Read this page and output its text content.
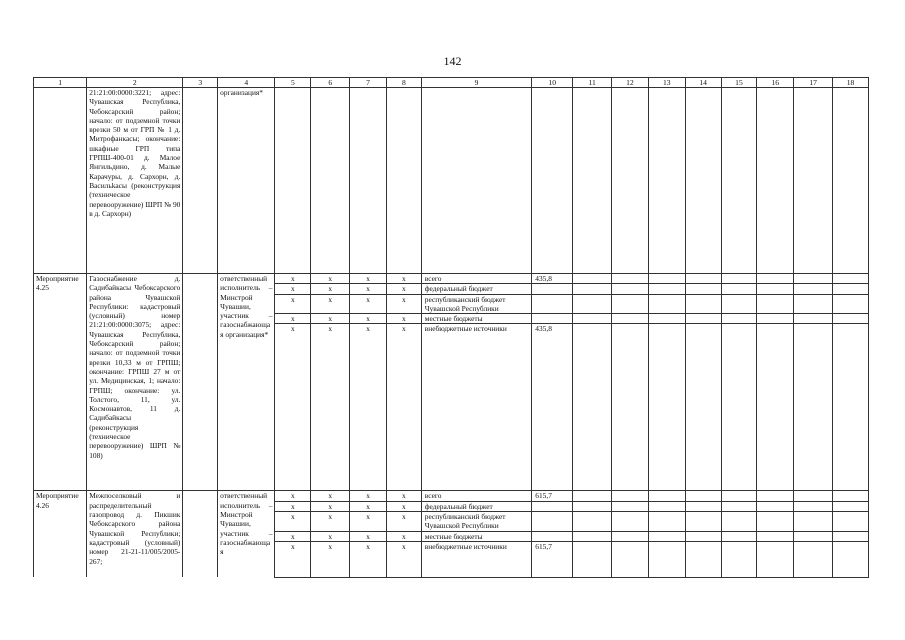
142
1	2	3	4	5	6	7	8	9	10	11	12	13	14	15	16	17	18
	21:21:00:0000:3221; адрес: Чувашская Республика, Чебоксарский район; начало: от подземной точки врезки 50 м от ГРП № 1 д. Митрофанкасы; окончание: шкафные ГРП типа ГРПШ-400-01 д. Малое Янгильдино, д. Малые Карачуры, д. Сархорн, д. Васильkасы (реконструкция (техническое перевооружение) ШРП № 90 в д. Сархорн)		организация*														
Мероприятие 4.25	Газоснабжение д. Садибайкасы Чебоксарского района Чувашской Республики: кадастровый (условный) номер 21:21:00:0000:3075; адрес: Чувашская Республика, Чебоксарский район; начало: от подземной точки врезки 10,33 м от ГРПШ; окончание: ГРПШ 27 м от ул. Медицинская, 1; начало: ГРПШ; окончание: ул. Толстого, 11, ул. Космонавтов, 11 д. Садибайкасы (реконструкция (техническое перевооружение) ШРП № 108)		ответственный исполнитель – Минстрой Чувашии, участник – газоснабжающая организация*	x	x	x	x	всего	435,8								
				x	x	x	x	федеральный бюджет									
				x	x	x	x	республиканский бюджет Чувашской Республики									
				x	x	x	x	местные бюджеты									
				x	x	x	x	внебюджетные источники	435,8								

Мероприятие 4.26	Межпоселковый и распределительный газопровод д. Пикшик Чебоксарского района Чувашской Республики; кадастровый (условный) номер 21-21-11/005/2005-267;		ответственный исполнитель – Минстрой Чувашии, участник – газоснабжающая	x	x	x	x	всего	615,7								
				x	x	x	x	федеральный бюджет									
				x	x	x	x	республиканский бюджет Чувашской Республики									
				x	x	x	x	местные бюджеты									
				x	x	x	x	внебюджетные источники	615,7								
